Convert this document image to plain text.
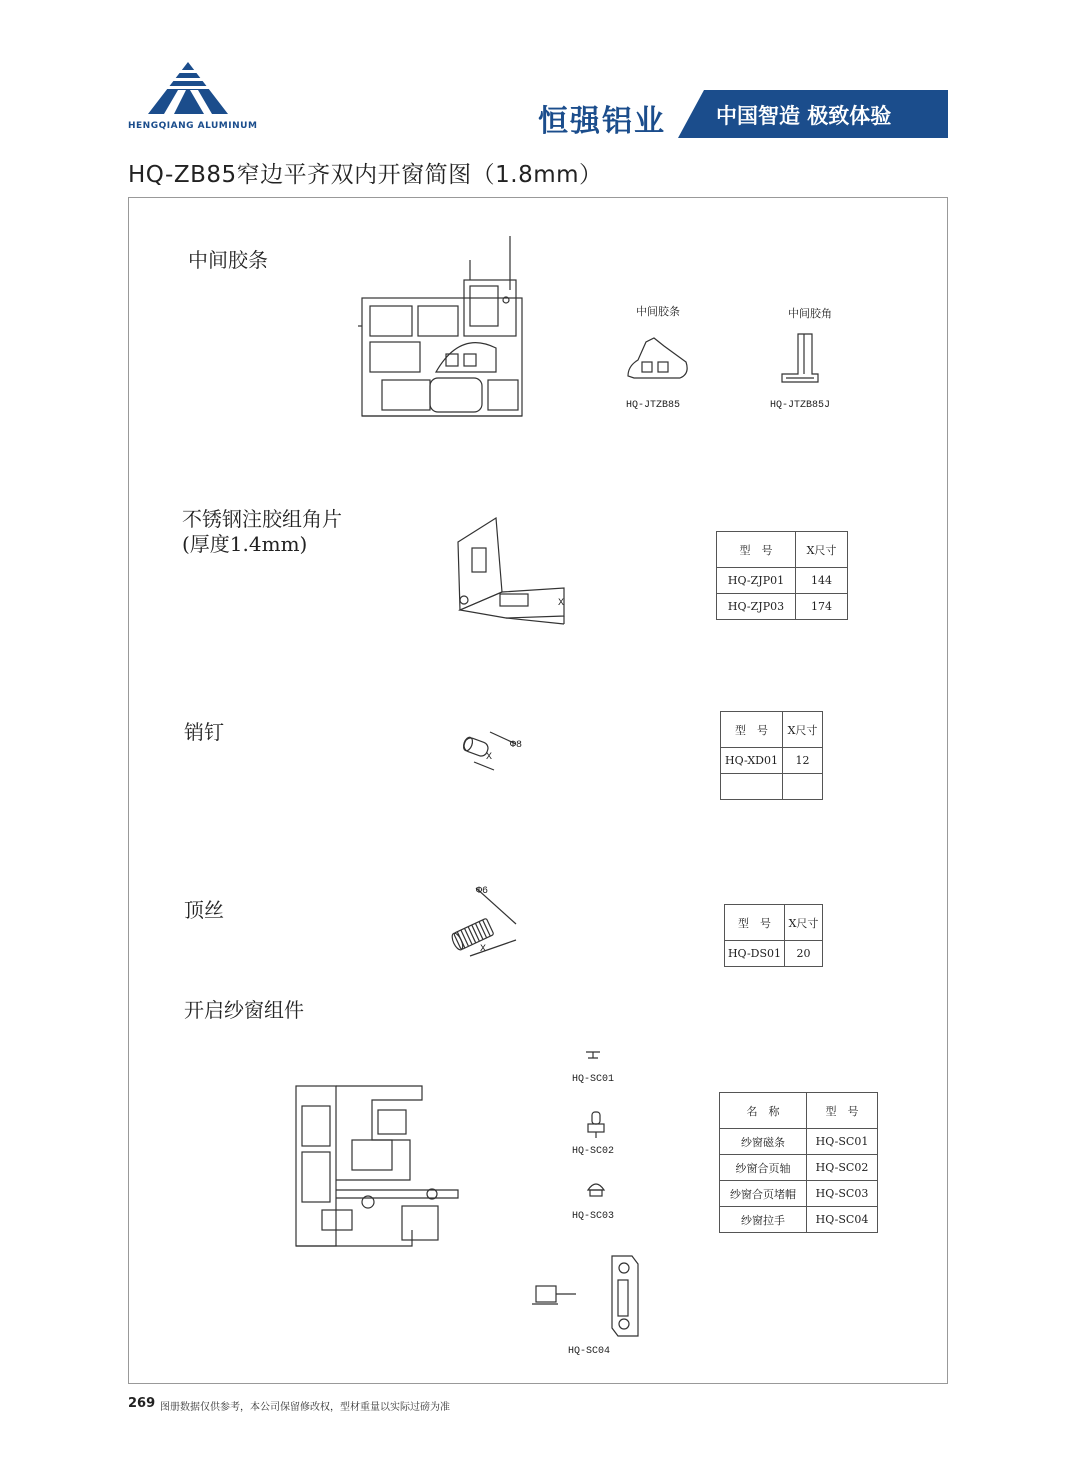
HENGQIANG ALUMINUM	恒强铝业 中国智造 极致体验
HQ-ZB85窄边平齐双内开窗简图（1.8mm）
中间胶条
中间胶条	中间胶角
HQ-JTZB85	HQ-JTZB85J
不锈钢注胶组角片
(厚度1.4mm)
X
型　号	X尺寸
HQ-ZJP01	144
HQ-ZJP03	174
销钉
X
Φ8
型　号	X尺寸
HQ-XD01	12

顶丝
X
Φ6
型　号	X尺寸
HQ-DS01	20
开启纱窗组件
HQ-SC01
HQ-SC02
HQ-SC03
HQ-SC04
名　称	型　号
纱窗磁条	HQ-SC01
纱窗合页轴	HQ-SC02
纱窗合页堵帽	HQ-SC03
纱窗拉手	HQ-SC04
269 图册数据仅供参考，本公司保留修改权，型材重量以实际过磅为准
